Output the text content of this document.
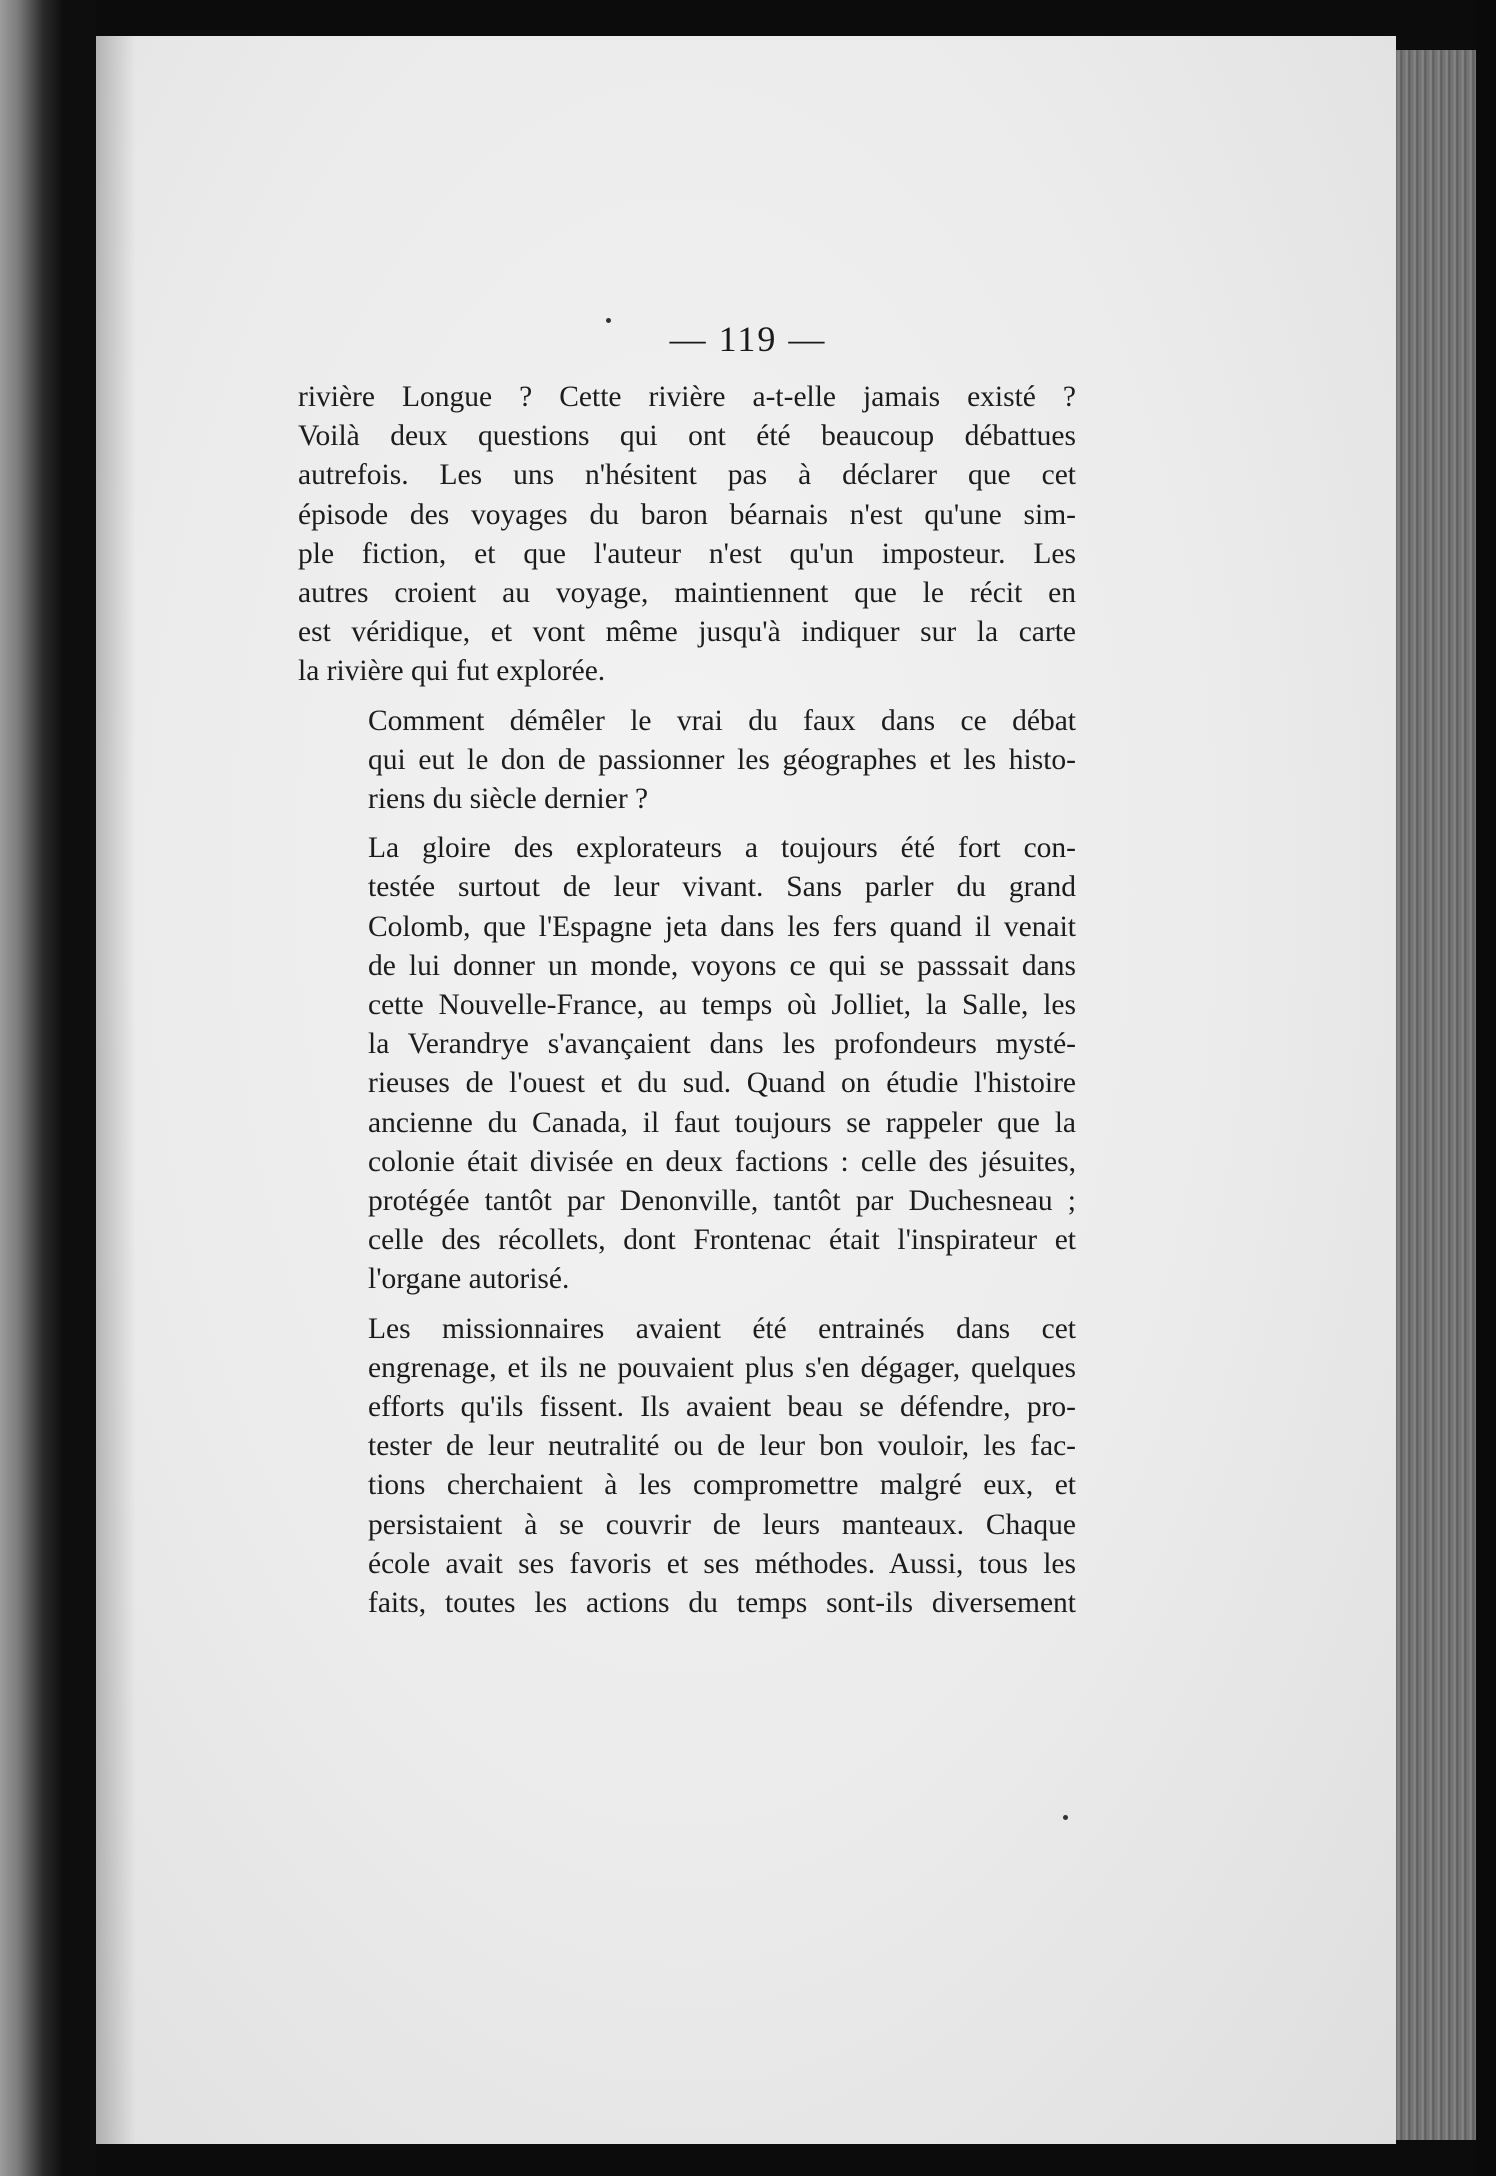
— 119 —

rivière Longue ? Cette rivière a-t-elle jamais existé ?
Voilà deux questions qui ont été beaucoup débattues
autrefois. Les uns n'hésitent pas à déclarer que cet
épisode des voyages du baron béarnais n'est qu'une sim-
ple fiction, et que l'auteur n'est qu'un imposteur. Les
autres croient au voyage, maintiennent que le récit en
est véridique, et vont même jusqu'à indiquer sur la carte
la rivière qui fut explorée.

Comment démêler le vrai du faux dans ce débat
qui eut le don de passionner les géographes et les histo-
riens du siècle dernier ?

La gloire des explorateurs a toujours été fort con-
testée surtout de leur vivant. Sans parler du grand
Colomb, que l'Espagne jeta dans les fers quand il venait
de lui donner un monde, voyons ce qui se passsait dans
cette Nouvelle-France, au temps où Jolliet, la Salle, les
la Verandrye s'avançaient dans les profondeurs mysté-
rieuses de l'ouest et du sud. Quand on étudie l'histoire
ancienne du Canada, il faut toujours se rappeler que la
colonie était divisée en deux factions : celle des jésuites,
protégée tantôt par Denonville, tantôt par Duchesneau ;
celle des récollets, dont Frontenac était l'inspirateur et
l'organe autorisé.

Les missionnaires avaient été entrainés dans cet
engrenage, et ils ne pouvaient plus s'en dégager, quelques
efforts qu'ils fissent. Ils avaient beau se défendre, pro-
tester de leur neutralité ou de leur bon vouloir, les fac-
tions cherchaient à les compromettre malgré eux, et
persistaient à se couvrir de leurs manteaux. Chaque
école avait ses favoris et ses méthodes. Aussi, tous les
faits, toutes les actions du temps sont-ils diversement
